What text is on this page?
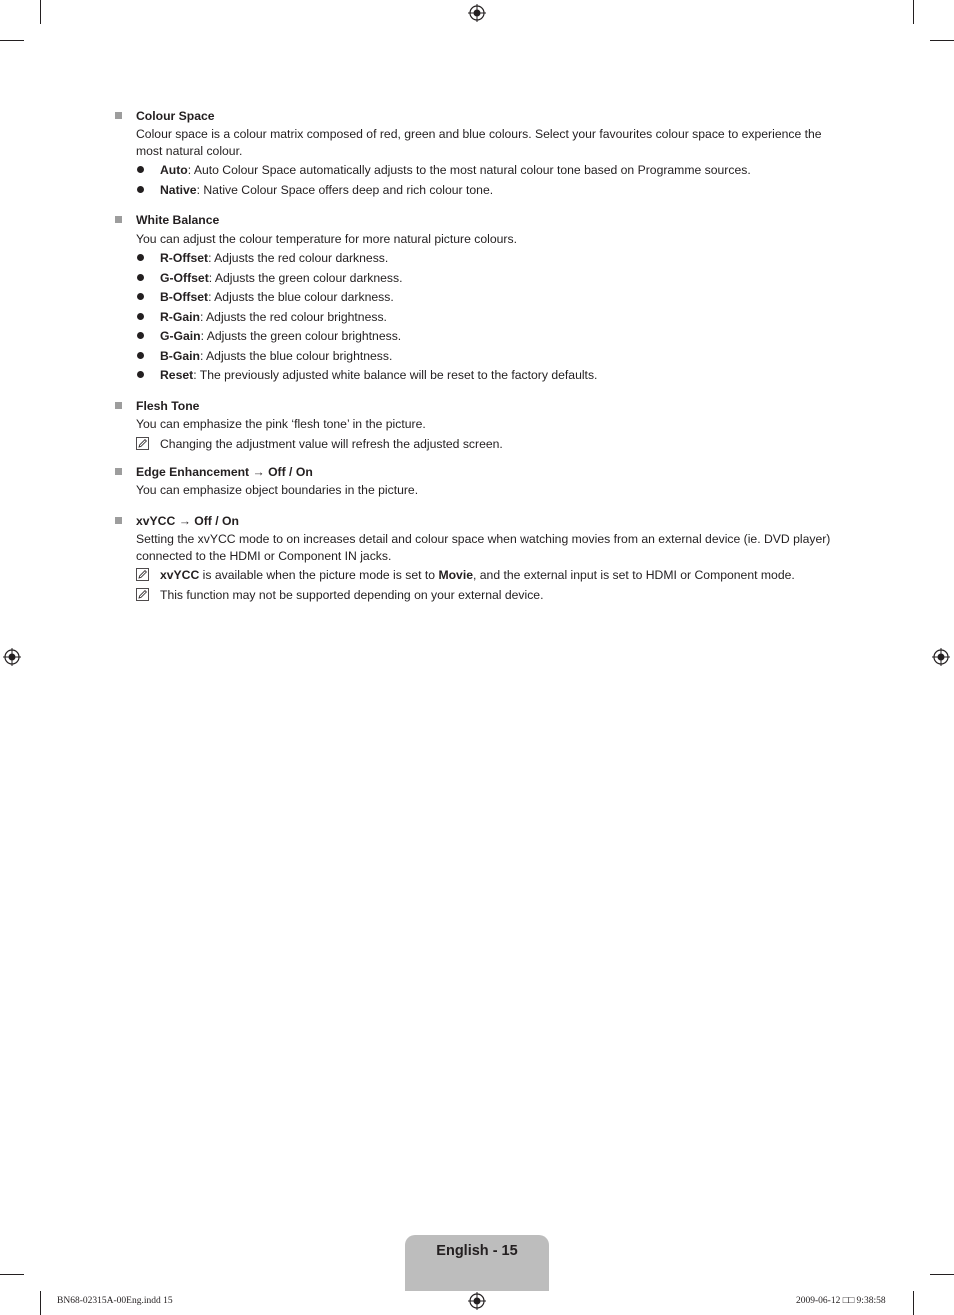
Colour Space
Colour space is a colour matrix composed of red, green and blue colours. Select your favourites colour space to experience the most natural colour.
Auto: Auto Colour Space automatically adjusts to the most natural colour tone based on Programme sources.
Native: Native Colour Space offers deep and rich colour tone.
White Balance
You can adjust the colour temperature for more natural picture colours.
R-Offset: Adjusts the red colour darkness.
G-Offset: Adjusts the green colour darkness.
B-Offset: Adjusts the blue colour darkness.
R-Gain: Adjusts the red colour brightness.
G-Gain: Adjusts the green colour brightness.
B-Gain: Adjusts the blue colour brightness.
Reset: The previously adjusted white balance will be reset to the factory defaults.
Flesh Tone
You can emphasize the pink ‘flesh tone’ in the picture.
Changing the adjustment value will refresh the adjusted screen.
Edge Enhancement → Off / On
You can emphasize object boundaries in the picture.
xvYCC → Off / On
Setting the xvYCC mode to on increases detail and colour space when watching movies from an external device (ie. DVD player) connected to the HDMI or Component IN jacks.
xvYCC is available when the picture mode is set to Movie, and the external input is set to HDMI or Component mode.
This function may not be supported depending on your external device.
English - 15
BN68-02315A-00Eng.indd 15	2009-06-12 □□ 9:38:58
